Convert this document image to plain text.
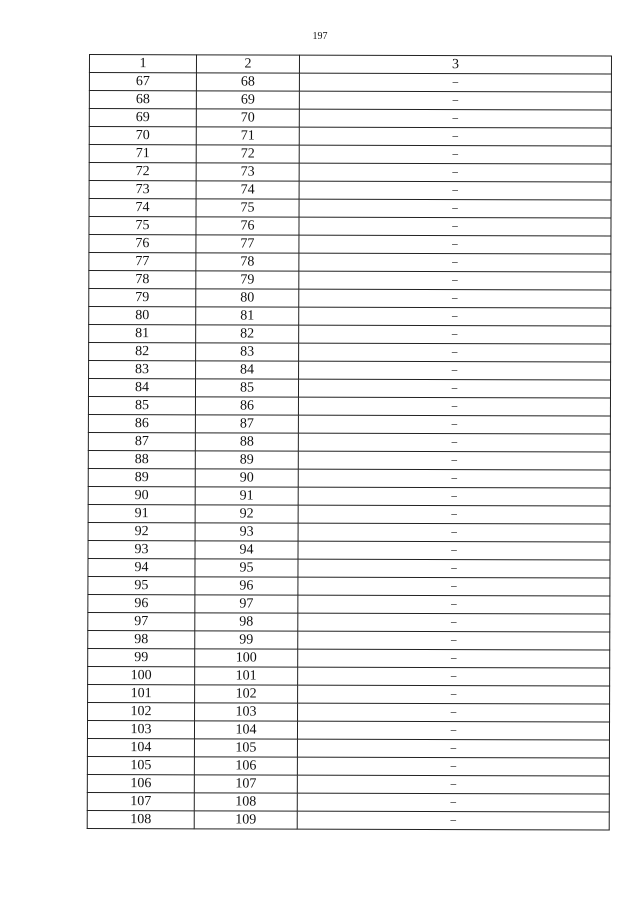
197
1	2	3
67	68	–
68	69	–
69	70	–
70	71	–
71	72	–
72	73	–
73	74	–
74	75	–
75	76	–
76	77	–
77	78	–
78	79	–
79	80	–
80	81	–
81	82	–
82	83	–
83	84	–
84	85	–
85	86	–
86	87	–
87	88	–
88	89	–
89	90	–
90	91	–
91	92	–
92	93	–
93	94	–
94	95	–
95	96	–
96	97	–
97	98	–
98	99	–
99	100	–
100	101	–
101	102	–
102	103	–
103	104	–
104	105	–
105	106	–
106	107	–
107	108	–
108	109	–
